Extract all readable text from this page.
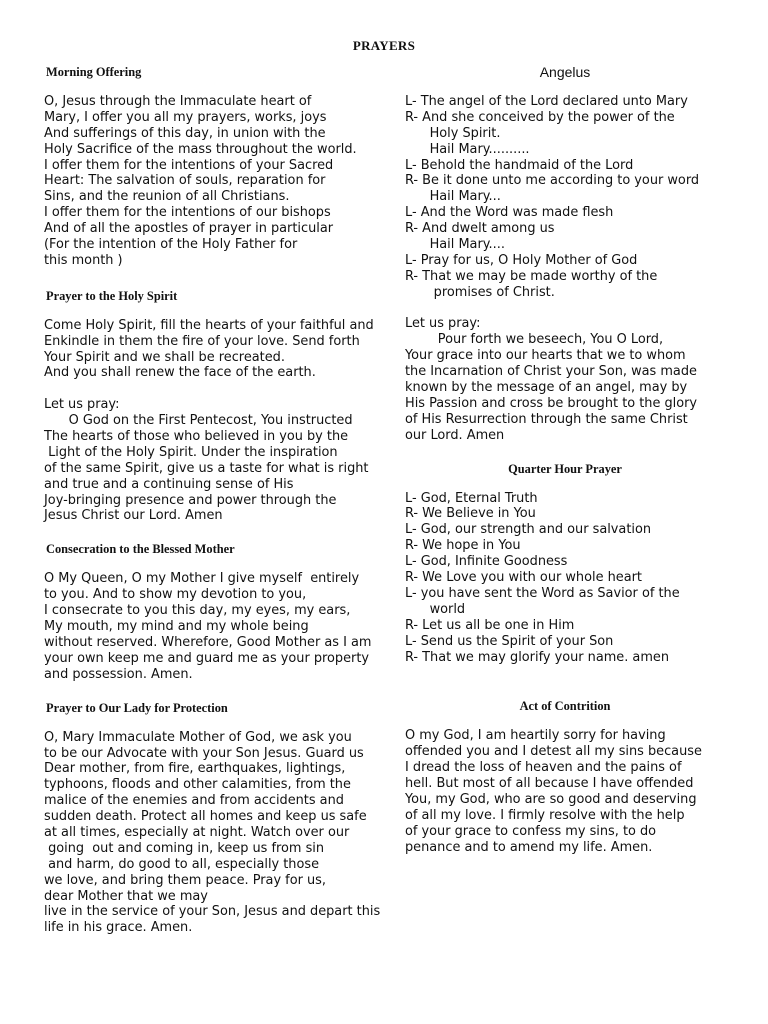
PRAYERS
Morning Offering
O, Jesus through the Immaculate heart of
Mary, I offer you all my prayers, works, joys
And sufferings of this day, in union with the
Holy Sacrifice of the mass throughout the world.
I offer them for the intentions of your Sacred
Heart: The salvation of souls, reparation for
Sins, and the reunion of all Christians.
I offer them for the intentions of our bishops
And of all the apostles of prayer in particular
(For the intention of the Holy Father for
this month )
Prayer to the Holy Spirit
Come Holy Spirit, fill the hearts of your faithful and
Enkindle in them the fire of your love. Send forth
Your Spirit and we shall be recreated.
And you shall renew the face of the earth.
Let us pray:
O God on the First Pentecost, You instructed
The hearts of those who believed in you by the
Light of the Holy Spirit. Under the inspiration
of the same Spirit, give us a taste for what is right
and true and a continuing sense of His
Joy-bringing presence and power through the
Jesus Christ our Lord. Amen
Consecration to the Blessed Mother
O My Queen, O my Mother I give myself  entirely
to you. And to show my devotion to you,
I consecrate to you this day, my eyes, my ears,
My mouth, my mind and my whole being
without reserved. Wherefore, Good Mother as I am
your own keep me and guard me as your property
and possession. Amen.
Prayer to Our Lady for Protection
O, Mary Immaculate Mother of God, we ask you
to be our Advocate with your Son Jesus. Guard us
Dear mother, from fire, earthquakes, lightings,
typhoons, floods and other calamities, from the
malice of the enemies and from accidents and
sudden death. Protect all homes and keep us safe
at all times, especially at night. Watch over our
going  out and coming in, keep us from sin
and harm, do good to all, especially those
we love, and bring them peace. Pray for us,
dear Mother that we may
live in the service of your Son, Jesus and depart this
life in his grace. Amen.
Angelus
L- The angel of the Lord declared unto Mary
R- And she conceived by the power of the
Holy Spirit.
Hail Mary..........
L- Behold the handmaid of the Lord
R- Be it done unto me according to your word
Hail Mary...
L- And the Word was made flesh
R- And dwelt among us
Hail Mary....
L- Pray for us, O Holy Mother of God
R- That we may be made worthy of the
promises of Christ.
Let us pray:
Pour forth we beseech, You O Lord,
Your grace into our hearts that we to whom
the Incarnation of Christ your Son, was made
known by the message of an angel, may by
His Passion and cross be brought to the glory
of His Resurrection through the same Christ
our Lord. Amen
Quarter Hour Prayer
L- God, Eternal Truth
R- We Believe in You
L- God, our strength and our salvation
R- We hope in You
L- God, Infinite Goodness
R- We Love you with our whole heart
L- you have sent the Word as Savior of the
world
R- Let us all be one in Him
L- Send us the Spirit of your Son
R- That we may glorify your name. amen
Act of Contrition
O my God, I am heartily sorry for having
offended you and I detest all my sins because
I dread the loss of heaven and the pains of
hell. But most of all because I have offended
You, my God, who are so good and deserving
of all my love. I firmly resolve with the help
of your grace to confess my sins, to do
penance and to amend my life. Amen.
